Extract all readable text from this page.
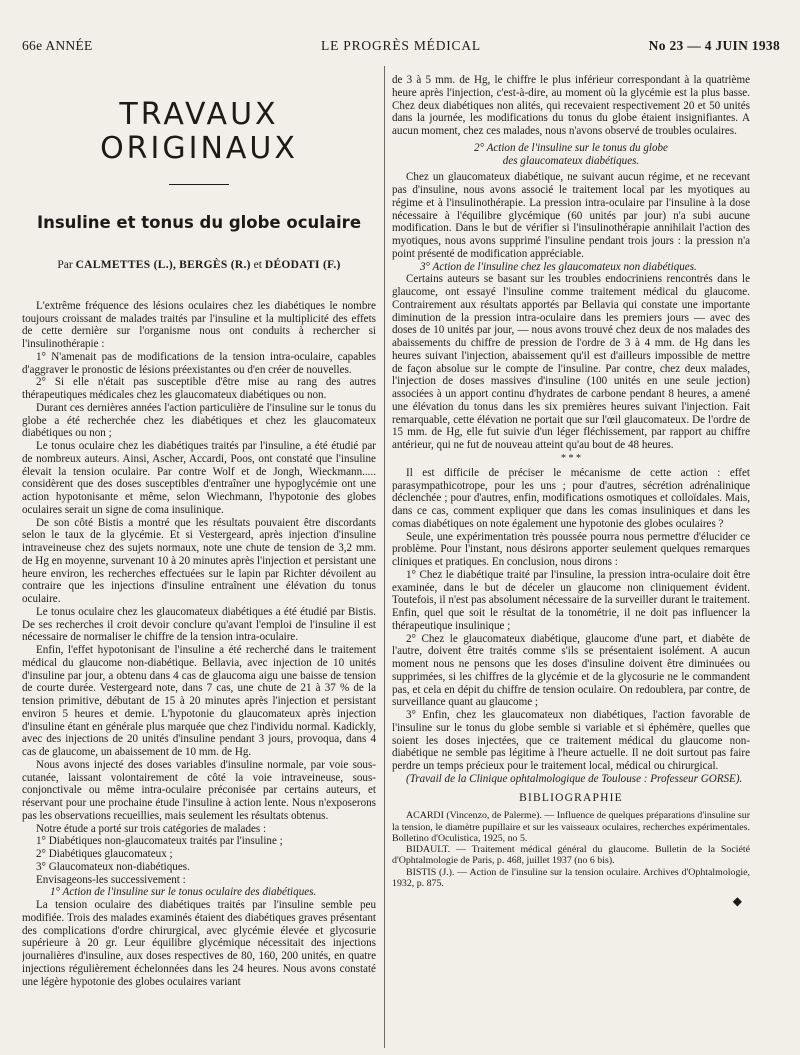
66e ANNÉE	LE PROGRÈS MÉDICAL	No 23 — 4 JUIN 1938
TRAVAUX ORIGINAUX
Insuline et tonus du globe oculaire
Par CALMETTES (L.), BERGÈS (R.) et DÉODATI (F.)

L'extrême fréquence des lésions oculaires chez les diabétiques le nombre toujours croissant de malades traités par l'insuline et la multiplicité des effets de cette dernière sur l'organisme nous ont conduits à rechercher si l'insulinothérapie :

1° N'amenait pas de modifications de la tension intra-oculaire, capables d'aggraver le pronostic de lésions préexistantes ou d'en créer de nouvelles.

2° Si elle n'était pas susceptible d'être mise au rang des autres thérapeutiques médicales chez les glaucomateux diabétiques ou non.

Durant ces dernières années l'action particulière de l'insuline sur le tonus du globe a été recherchée chez les diabétiques et chez les glaucomateux diabétiques ou non ;

Le tonus oculaire chez les diabétiques traités par l'insuline, a été étudié par de nombreux auteurs. Ainsi, Ascher, Accardi, Poos, ont constaté que l'insuline élevait la tension oculaire. Par contre Wolf et de Jongh, Wieckmann..... considèrent que des doses susceptibles d'entraîner une hypoglycémie ont une action hypotonisante et même, selon Wiechmann, l'hypotonie des globes oculaires serait un signe de coma insulinique.

De son côté Bistis a montré que les résultats pouvaient être discordants selon le taux de la glycémie. Et si Vestergeard, après injection d'insuline intraveineuse chez des sujets normaux, note une chute de tension de 3,2 mm. de Hg en moyenne, survenant 10 à 20 minutes après l'injection et persistant une heure environ, les recherches effectuées sur le lapin par Richter dévoilent au contraire que les injections d'insuline entraînent une élévation du tonus oculaire.

Le tonus oculaire chez les glaucomateux diabétiques a été étudié par Bistis. De ses recherches il croit devoir conclure qu'avant l'emploi de l'insuline il est nécessaire de normaliser le chiffre de la tension intra-oculaire.

Enfin, l'effet hypotonisant de l'insuline a été recherché dans le traitement médical du glaucome non-diabétique. Bellavia, avec injection de 10 unités d'insuline par jour, a obtenu dans 4 cas de glaucoma aigu une baisse de tension de courte durée. Vestergeard note, dans 7 cas, une chute de 21 à 37 % de la tension primitive, débutant de 15 à 20 minutes après l'injection et persistant environ 5 heures et demie. L'hypotonie du glaucomateux après injection d'insuline étant en générale plus marquée que chez l'individu normal. Kadickly, avec des injections de 20 unités d'insuline pendant 3 jours, provoqua, dans 4 cas de glaucome, un abaissement de 10 mm. de Hg.

Nous avons injecté des doses variables d'insuline normale, par voie sous-cutanée, laissant volontairement de côté la voie intraveineuse, sous-conjonctivale ou même intra-oculaire préconisée par certains auteurs, et réservant pour une prochaine étude l'insuline à action lente. Nous n'exposerons pas les observations recueillies, mais seulement les résultats obtenus.

Notre étude a porté sur trois catégories de malades :

1° Diabétiques non-glaucomateux traités par l'insuline ;

2° Diabétiques glaucomateux ;

3° Glaucomateux non-diabétiques.

Envisageons-les successivement :

1° Action de l'insuline sur le tonus oculaire des diabétiques.

La tension oculaire des diabétiques traités par l'insuline semble peu modifiée. Trois des malades examinés étaient des diabétiques graves présentant des complications d'ordre chirurgical, avec glycémie élevée et glycosurie supérieure à 20 gr. Leur équilibre glycémique nécessitait des injections journalières d'insuline, aux doses respectives de 80, 160, 200 unités, en quatre injections régulièrement échelonnées dans les 24 heures. Nous avons constaté une légère hypotonie des globes oculaires variant

de 3 à 5 mm. de Hg, le chiffre le plus inférieur correspondant à la quatrième heure après l'injection, c'est-à-dire, au moment où la glycémie est la plus basse. Chez deux diabétiques non alités, qui recevaient respectivement 20 et 50 unités dans la journée, les modifications du tonus du globe étaient insignifiantes. A aucun moment, chez ces malades, nous n'avons observé de troubles oculaires.

2° Action de l'insuline sur le tonus du globe
des glaucomateux diabétiques.

Chez un glaucomateux diabétique, ne suivant aucun régime, et ne recevant pas d'insuline, nous avons associé le traitement local par les myotiques au régime et à l'insulinothérapie. La pression intra-oculaire par l'insuline à la dose nécessaire à l'équilibre glycémique (60 unités par jour) n'a subi aucune modification. Dans le but de vérifier si l'insulinothérapie annihilait l'action des myotiques, nous avons supprimé l'insuline pendant trois jours : la pression n'a point présenté de modification appréciable.

3° Action de l'insuline chez les glaucomateux non diabétiques.

Certains auteurs se basant sur les troubles endocriniens rencontrés dans le glaucome, ont essayé l'insuline comme traitement médical du glaucome. Contrairement aux résultats apportés par Bellavia qui constate une importante diminution de la pression intra-oculaire dans les premiers jours — avec des doses de 10 unités par jour, — nous avons trouvé chez deux de nos malades des abaissements du chiffre de pression de l'ordre de 3 à 4 mm. de Hg dans les heures suivant l'injection, abaissement qu'il est d'ailleurs impossible de mettre de façon absolue sur le compte de l'insuline. Par contre, chez deux malades, l'injection de doses massives d'insuline (100 unités en une seule jection) associées à un apport continu d'hydrates de carbone pendant 8 heures, a amené une élévation du tonus dans les six premières heures suivant l'injection. Fait remarquable, cette élévation ne portait que sur l'œil glaucomateux. De l'ordre de 15 mm. de Hg, elle fut suivie d'un léger fléchissement, par rapport au chiffre antérieur, qui ne fut de nouveau atteint qu'au bout de 48 heures.

* * *

Il est difficile de préciser le mécanisme de cette action : effet parasympathicotrope, pour les uns ; pour d'autres, sécrétion adrénalinique déclenchée ; pour d'autres, enfin, modifications osmotiques et colloïdales. Mais, dans ce cas, comment expliquer que dans les comas insuliniques et dans les comas diabétiques on note également une hypotonie des globes oculaires ?

Seule, une expérimentation très poussée pourra nous permettre d'élucider ce problème. Pour l'instant, nous désirons apporter seulement quelques remarques cliniques et pratiques. En conclusion, nous dirons :

1° Chez le diabétique traité par l'insuline, la pression intra-oculaire doit être examinée, dans le but de déceler un glaucome non cliniquement évident. Toutefois, il n'est pas absolument nécessaire de la surveiller durant le traitement. Enfin, quel que soit le résultat de la tonométrie, il ne doit pas influencer la thérapeutique insulinique ;

2° Chez le glaucomateux diabétique, glaucome d'une part, et diabète de l'autre, doivent être traités comme s'ils se présentaient isolément. A aucun moment nous ne pensons que les doses d'insuline doivent être diminuées ou supprimées, si les chiffres de la glycémie et de la glycosurie ne le commandent pas, et cela en dépit du chiffre de tension oculaire. On redoublera, par contre, de surveillance quant au glaucome ;

3° Enfin, chez les glaucomateux non diabétiques, l'action favorable de l'insuline sur le tonus du globe semble si variable et si éphémère, quelles que soient les doses injectées, que ce traitement médical du glaucome non-diabétique ne semble pas légitime à l'heure actuelle. Il ne doit surtout pas faire perdre un temps précieux pour le traitement local, médical ou chirurgical.

(Travail de la Clinique ophtalmologique de Toulouse : Professeur GORSE).

BIBLIOGRAPHIE

ACARDI (Vincenzo, de Palerme). — Influence de quelques préparations d'insuline sur la tension, le diamètre pupillaire et sur les vaisseaux oculaires, recherches expérimentales. Bolletino d'Oculistica, 1925, no 5.

BIDAULT. — Traitement médical général du glaucome. Bulletin de la Société d'Ophtalmologie de Paris, p. 468, juillet 1937 (no 6 bis).

BISTIS (J.). — Action de l'insuline sur la tension oculaire. Archives d'Ophtalmologie, 1932, p. 875.

◆
